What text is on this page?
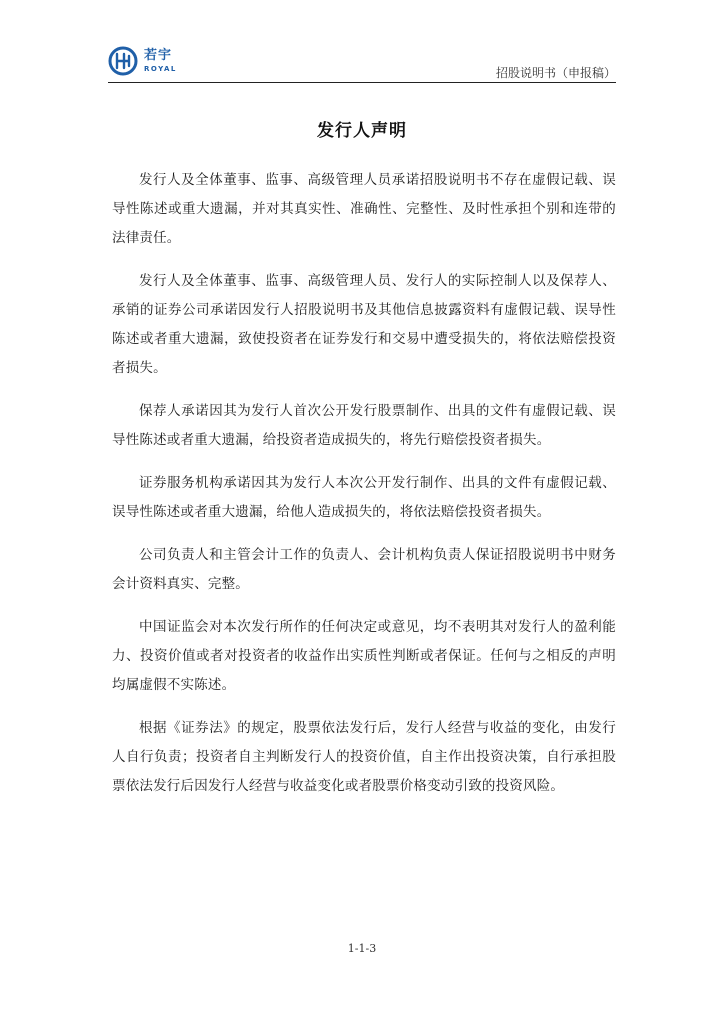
若宇
ROYAL	招股说明书（申报稿）
发行人声明

发行人及全体董事、监事、高级管理人员承诺招股说明书不存在虚假记载、误导性陈述或重大遗漏，并对其真实性、准确性、完整性、及时性承担个别和连带的法律责任。

发行人及全体董事、监事、高级管理人员、发行人的实际控制人以及保荐人、承销的证券公司承诺因发行人招股说明书及其他信息披露资料有虚假记载、误导性陈述或者重大遗漏，致使投资者在证券发行和交易中遭受损失的，将依法赔偿投资者损失。

保荐人承诺因其为发行人首次公开发行股票制作、出具的文件有虚假记载、误导性陈述或者重大遗漏，给投资者造成损失的，将先行赔偿投资者损失。

证券服务机构承诺因其为发行人本次公开发行制作、出具的文件有虚假记载、误导性陈述或者重大遗漏，给他人造成损失的，将依法赔偿投资者损失。

公司负责人和主管会计工作的负责人、会计机构负责人保证招股说明书中财务会计资料真实、完整。

中国证监会对本次发行所作的任何决定或意见，均不表明其对发行人的盈利能力、投资价值或者对投资者的收益作出实质性判断或者保证。任何与之相反的声明均属虚假不实陈述。

根据《证券法》的规定，股票依法发行后，发行人经营与收益的变化，由发行人自行负责；投资者自主判断发行人的投资价值，自主作出投资决策，自行承担股票依法发行后因发行人经营与收益变化或者股票价格变动引致的投资风险。

1-1-3
